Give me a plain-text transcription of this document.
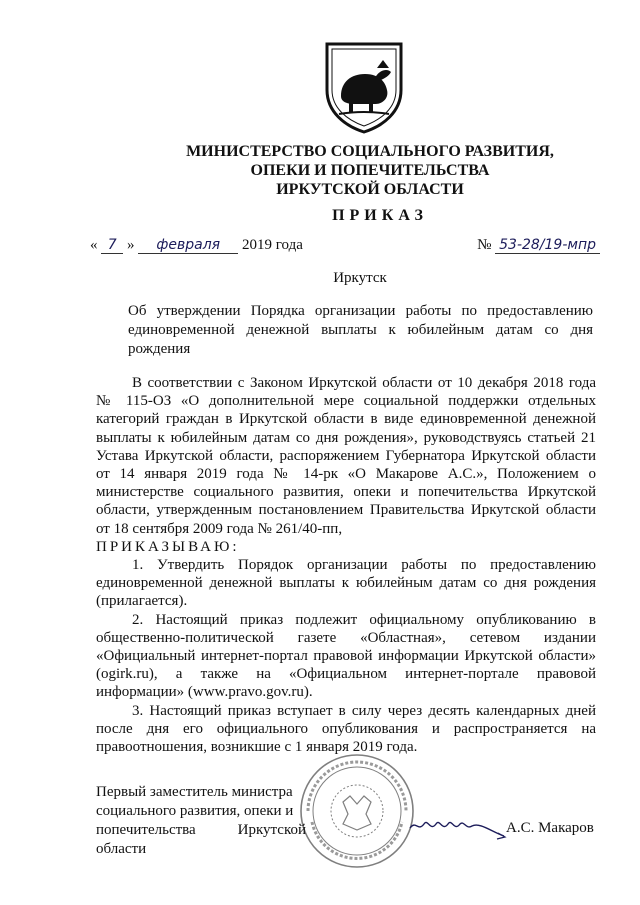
МИНИСТЕРСТВО СОЦИАЛЬНОГО РАЗВИТИЯ,
ОПЕКИ И ПОПЕЧИТЕЛЬСТВА
ИРКУТСКОЙ ОБЛАСТИ
ПРИКАЗ
« 7 » февраля 2019 года	№ 53-28/19-мпр
Иркутск
Об утверждении Порядка организации работы по предоставлению единовременной денежной выплаты к юбилейным датам со дня рождения

В соответствии с Законом Иркутской области от 10 декабря 2018 года № 115-ОЗ «О дополнительной мере социальной поддержки отдельных категорий граждан в Иркутской области в виде единовременной денежной выплаты к юбилейным датам со дня рождения», руководствуясь статьей 21 Устава Иркутской области, распоряжением Губернатора Иркутской области от 14 января 2019 года № 14-рк «О Макарове А.С.», Положением о министерстве социального развития, опеки и попечительства Иркутской области, утвержденным постановлением Правительства Иркутской области от 18 сентября 2009 года № 261/40-пп,

ПРИКАЗЫВАЮ:

1. Утвердить Порядок организации работы по предоставлению единовременной денежной выплаты к юбилейным датам со дня рождения (прилагается).

2. Настоящий приказ подлежит официальному опубликованию в общественно-политической газете «Областная», сетевом издании «Официальный интернет-портал правовой информации Иркутской области» (ogirk.ru), а также на «Официальном интернет-портале правовой информации» (www.pravo.gov.ru).

3. Настоящий приказ вступает в силу через десять календарных дней после дня его официального опубликования и распространяется на правоотношения, возникшие с 1 января 2019 года.

Первый заместитель министра
социального развития, опеки и
попечительства	Иркутской
области
А.С. Макаров
